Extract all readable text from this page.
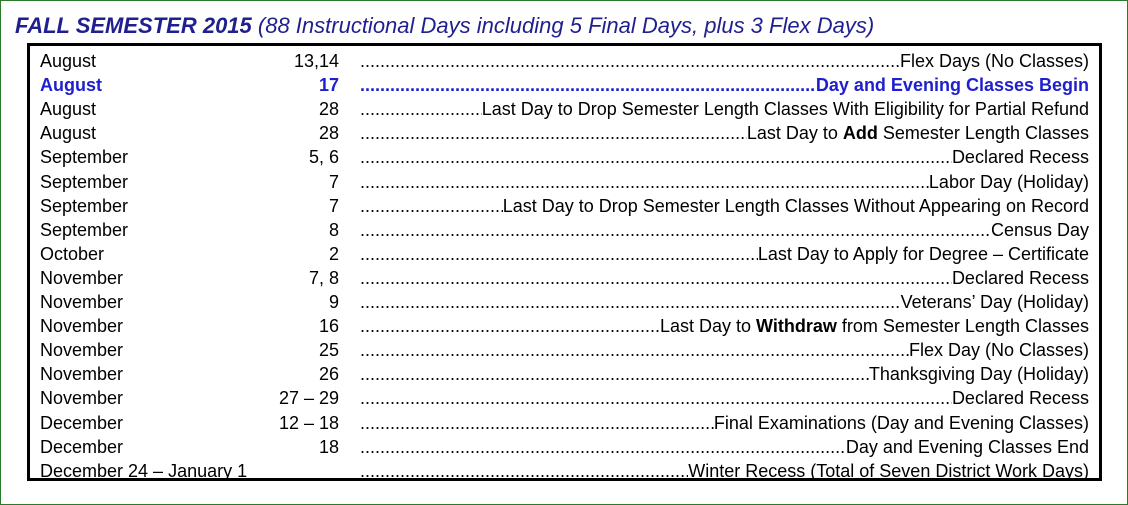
FALL SEMESTER 2015 (88 Instructional Days including 5 Final Days, plus 3 Flex Days)
August	13,14 .....	Flex Days (No Classes)
August	17 .....	Day and Evening Classes Begin
August	28 .....	Last Day to Drop Semester Length Classes With Eligibility for Partial Refund
August	28 .....	Last Day to Add Semester Length Classes
September	5, 6 .....	Declared Recess
September	7 .....	Labor Day (Holiday)
September	7 .....	Last Day to Drop Semester Length Classes Without Appearing on Record
September	8 .....	Census Day
October	2 .....	Last Day to Apply for Degree – Certificate
November	7, 8 .....	Declared Recess
November	9 .....	Veterans’ Day (Holiday)
November	16 .....	Last Day to Withdraw from Semester Length Classes
November	25 .....	Flex Day (No Classes)
November	26 .....	Thanksgiving Day (Holiday)
November	27 – 29 .....	Declared Recess
December	12 – 18 .....	Final Examinations (Day and Evening Classes)
December	18 .....	Day and Evening Classes End
December 24 – January 1 .....	Winter Recess (Total of Seven District Work Days)
